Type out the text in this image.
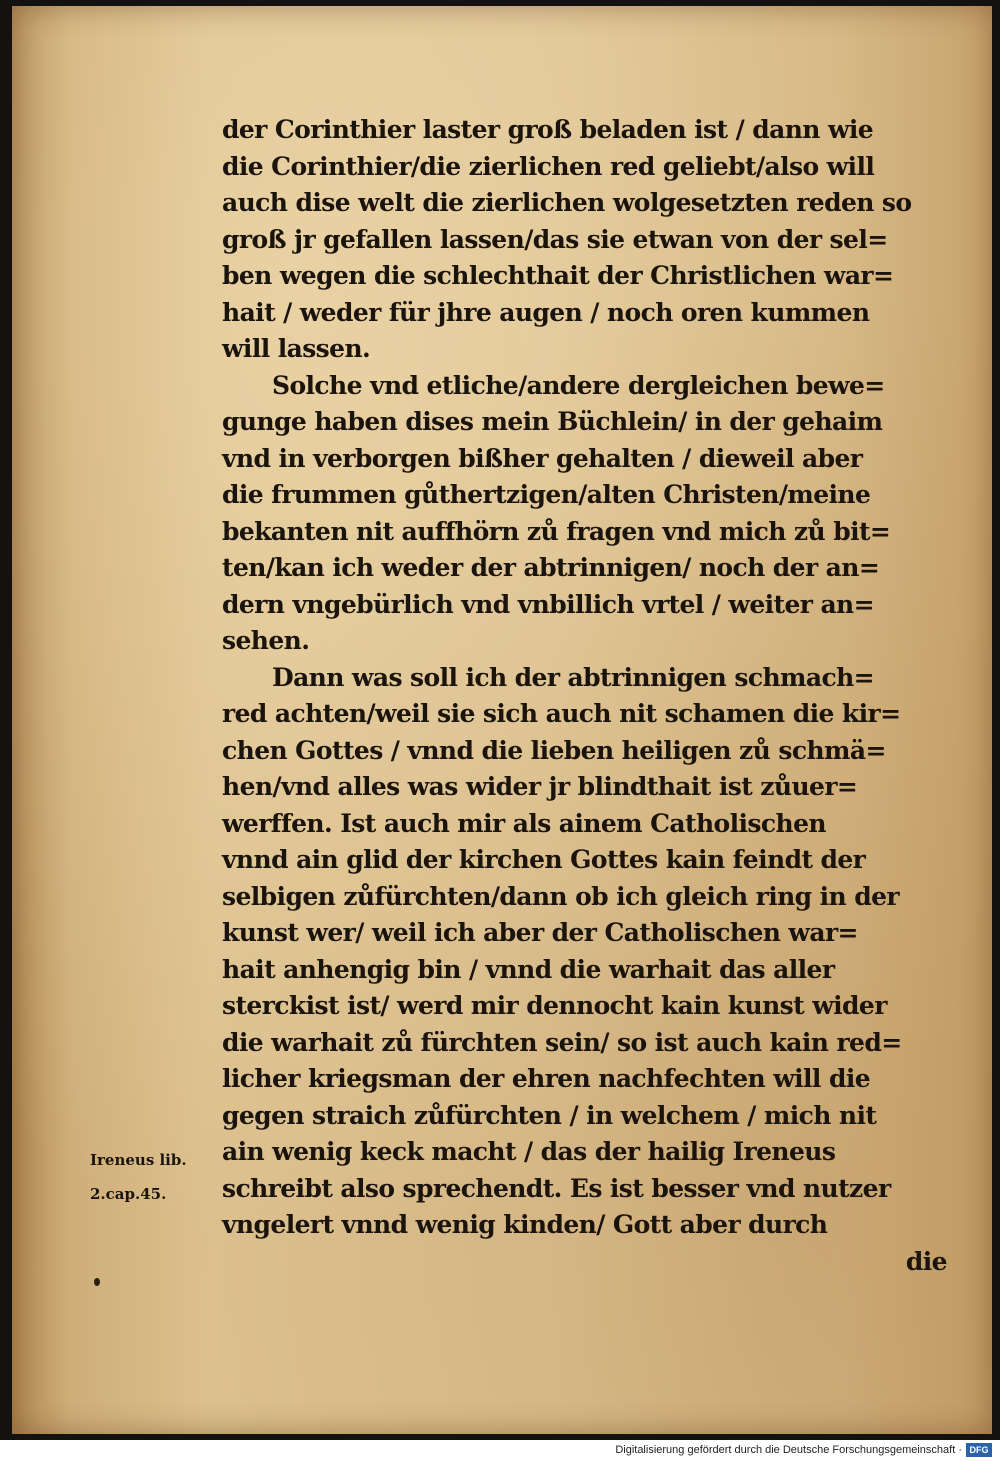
der Corinthier laster groß beladen ist / dann wie
die Corinthier/die zierlichen red geliebt/also will
auch dise welt die zierlichen wolgesetzten reden so
groß jr gefallen lassen/das sie etwan von der sel=
ben wegen die schlechthait der Christlichen war=
hait / weder für jhre augen / noch oren kummen
will lassen.
Solche vnd etliche/andere dergleichen bewe=
gunge haben dises mein Büchlein/ in der gehaim
vnd in verborgen bißher gehalten / dieweil aber
die frummen gůthertzigen/alten Christen/meine
bekanten nit auffhörn zů fragen vnd mich zů bit=
ten/kan ich weder der abtrinnigen/ noch der an=
dern vngebürlich vnd vnbillich vrtel / weiter an=
sehen.
Dann was soll ich der abtrinnigen schmach=
red achten/weil sie sich auch nit schamen die kir=
chen Gottes / vnnd die lieben heiligen zů schmä=
hen/vnd alles was wider jr blindthait ist zůuer=
werffen. Ist auch mir als ainem Catholischen
vnnd ain glid der kirchen Gottes kain feindt der
selbigen zůfürchten/dann ob ich gleich ring in der
kunst wer/ weil ich aber der Catholischen war=
hait anhengig bin / vnnd die warhait das aller
sterckist ist/ werd mir dennocht kain kunst wider
die warhait zů fürchten sein/ so ist auch kain red=
licher kriegsman der ehren nachfechten will die
gegen straich zůfürchten / in welchem / mich nit
ain wenig keck macht / das der hailig Ireneus
schreibt also sprechendt. Es ist besser vnd nutzer
vngelert vnnd wenig kinden/ Gott aber durch
die
Ireneus lib.
2.cap.45.
Digitalisierung gefördert durch die Deutsche Forschungsgemeinschaft · DFG
